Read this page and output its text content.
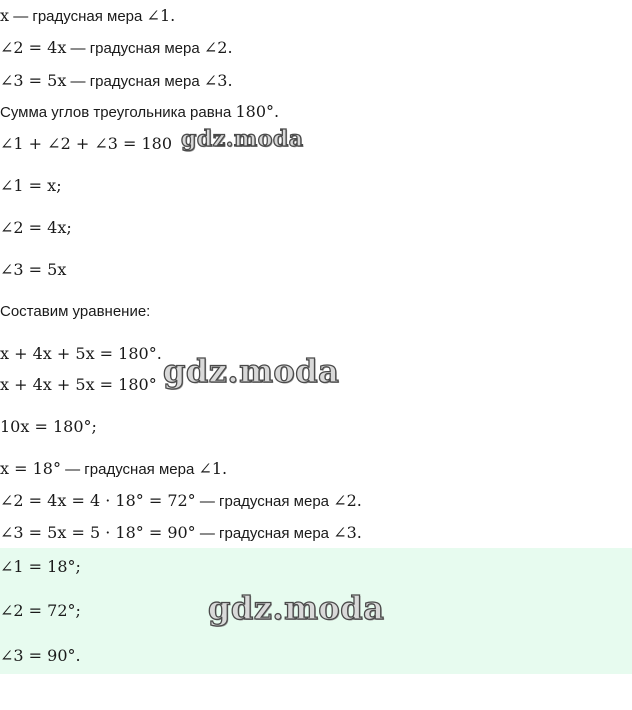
x — градусная мера ∠1.
∠2 = 4x — градусная мера ∠2.
∠3 = 5x — градусная мера ∠3.
Сумма углов треугольника равна 180°.
∠1 + ∠2 + ∠3 = 180
∠1 = x;
∠2 = 4x;
∠3 = 5x
Составим уравнение:
x + 4x + 5x = 180°.
x + 4x + 5x = 180°
10x = 180°;
x = 18° — градусная мера ∠1.
∠2 = 4x = 4 · 18° = 72° — градусная мера ∠2.
∠3 = 5x = 5 · 18° = 90° — градусная мера ∠3.
∠1 = 18°;
∠2 = 72°;
∠3 = 90°.
gdz.moda
gdz.moda
gdz.moda
